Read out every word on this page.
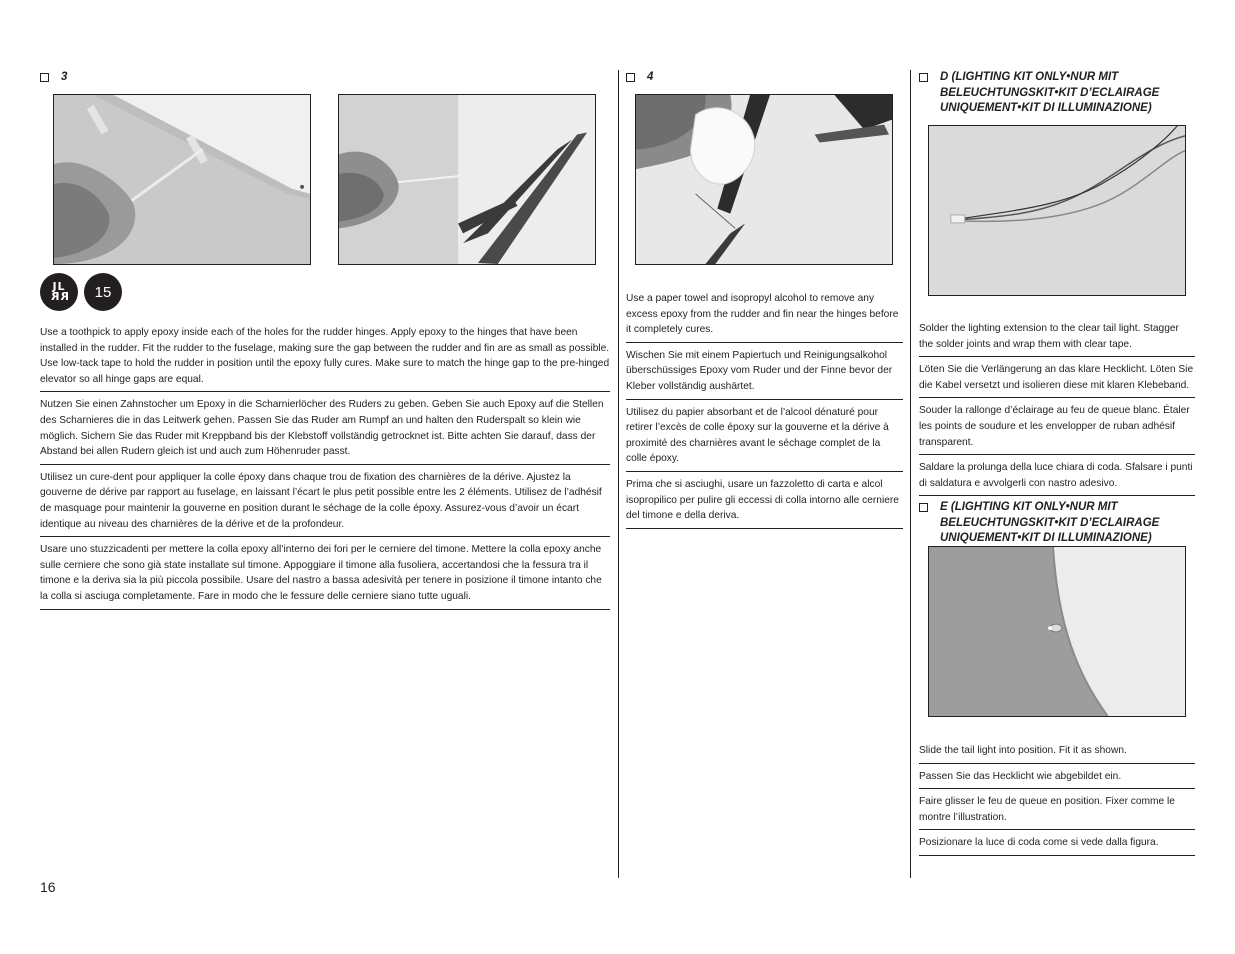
3

JL
RR 15

Use a toothpick to apply epoxy inside each of the holes for the rudder hinges. Apply epoxy to the hinges that have been installed in the rudder. Fit the rudder to the fuselage, making sure the gap between the rudder and fin are as small as possible. Use low-tack tape to hold the rudder in position until the epoxy fully cures. Make sure to match the hinge gap to the pre-hinged elevator so all hinge gaps are equal.

Nutzen Sie einen Zahnstocher um Epoxy in die Scharnierlöcher des Ruders zu geben. Geben Sie auch Epoxy auf die Stellen des Scharnieres die in das Leitwerk gehen. Passen Sie das Ruder am Rumpf an und halten den Ruderspalt so klein wie möglich. Sichern Sie das Ruder mit Kreppband bis der Klebstoff vollständig getrocknet ist. Bitte achten Sie darauf, dass der Abstand bei allen Rudern gleich ist und auch zum Höhenruder passt.

Utilisez un cure-dent pour appliquer la colle époxy dans chaque trou de fixation des charnières de la dérive. Ajustez la gouverne de dérive par rapport au fuselage, en laissant l’écart le plus petit possible entre les 2 éléments. Utilisez de l’adhésif de masquage pour maintenir la gouverne en position durant le séchage de la colle époxy. Assurez-vous d’avoir un écart identique au niveau des charnières de la dérive et de la profondeur.

Usare uno stuzzicadenti per mettere la colla epoxy all’interno dei fori per le cerniere del timone. Mettere la colla epoxy anche sulle cerniere che sono già state installate sul timone. Appoggiare il timone alla fusoliera, accertandosi che la fessura tra il timone e la deriva sia la più piccola possibile. Usare del nastro a bassa adesività per tenere in posizione il timone intanto che la colla si asciuga completamente. Fare in modo che le fessure delle cerniere siano tutte uguali.

4

Use a paper towel and isopropyl alcohol to remove any excess epoxy from the rudder and fin near the hinges before it completely cures.

Wischen Sie mit einem Papiertuch und Reinigungsalkohol überschüssiges Epoxy vom Ruder und der Finne bevor der Kleber vollständig aushärtet.

Utilisez du papier absorbant et de l’alcool dénaturé pour retirer l’excès de colle époxy sur la gouverne et la dérive à proximité des charnières avant le séchage complet de la colle époxy.

Prima che si asciughi, usare un fazzoletto di carta e alcol isopropilico per pulire gli eccessi di colla intorno alle cerniere del timone e della deriva.

D (LIGHTING KIT ONLY•NUR MIT BELEUCHTUNGSKIT•KIT D’ECLAIRAGE UNIQUEMENT•KIT DI ILLUMINAZIONE)

Solder the lighting extension to the clear tail light. Stagger the solder joints and wrap them with clear tape.

Löten Sie die Verlängerung an das klare Hecklicht. Löten Sie die Kabel versetzt und isolieren diese mit klaren Klebeband.

Souder la rallonge d’éclairage au feu de queue blanc. Étaler les points de soudure et les envelopper de ruban adhésif transparent.

Saldare la prolunga della luce chiara di coda. Sfalsare i punti di saldatura e avvolgerli con nastro adesivo.

E (LIGHTING KIT ONLY•NUR MIT BELEUCHTUNGSKIT•KIT D’ECLAIRAGE UNIQUEMENT•KIT DI ILLUMINAZIONE)

Slide the tail light into position. Fit it as shown.

Passen Sie das Hecklicht wie abgebildet ein.

Faire glisser le feu de queue en position. Fixer comme le montre l’illustration.

Posizionare la luce di coda come si vede dalla figura.

16
